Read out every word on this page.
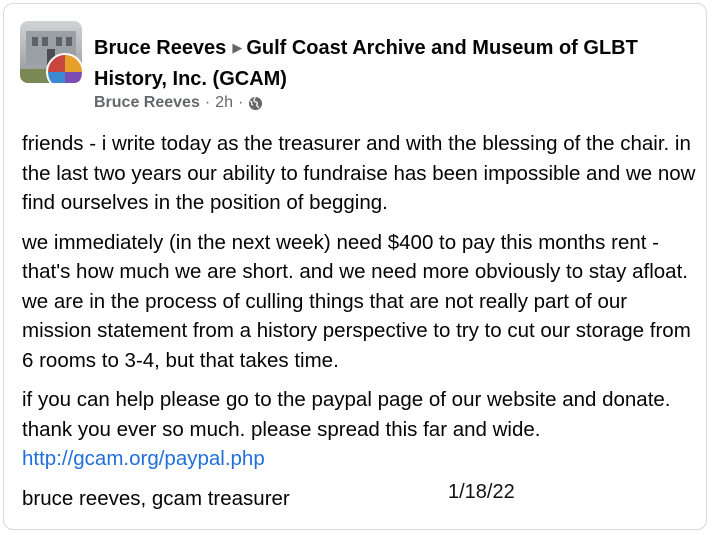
Bruce Reeves ▶ Gulf Coast Archive and Museum of GLBT History, Inc. (GCAM)
Bruce Reeves · 2h ·

friends - i write today as the treasurer and with the blessing of the chair. in the last two years our ability to fundraise has been impossible and we now find ourselves in the position of begging.

we immediately (in the next week) need $400 to pay this months rent - that's how much we are short. and we need more obviously to stay afloat. we are in the process of culling things that are not really part of our mission statement from a history perspective to try to cut our storage from 6 rooms to 3-4, but that takes time.

if you can help please go to the paypal page of our website and donate. thank you ever so much. please spread this far and wide.
http://gcam.org/paypal.php

bruce reeves, gcam treasurer	1/18/22
